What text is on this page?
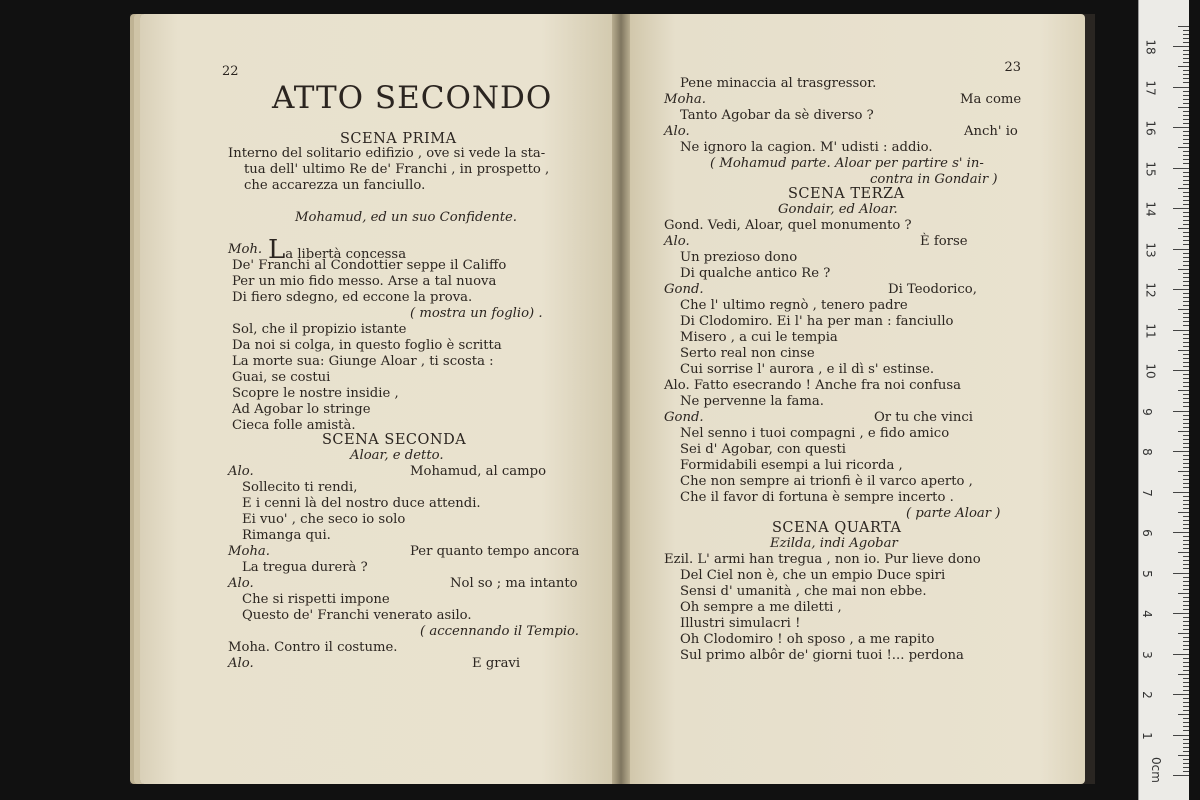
22
ATTO SECONDO
Moh.
SCENA PRIMA
Interno del solitario edifizio , ove si vede la sta-
tua dell' ultimo Re de' Franchi , in prospetto ,
che accarezza un fanciullo.
Mohamud, ed un suo Confidente.
La libertà concessa
De' Franchi al Condottier seppe il Califfo
Per un mio fido messo. Arse a tal nuova
Di fiero sdegno, ed eccone la prova.
( mostra un foglio) .
Sol, che il propizio istante
Da noi si colga, in questo foglio è scritta
La morte sua: Giunge Aloar , ti scosta :
Guai, se costui
Scopre le nostre insidie ,
Ad Agobar lo stringe
Cieca folle amistà.
SCENA SECONDA
Aloar, e detto.
Alo.	Mohamud, al campo
Sollecito ti rendi,
E i cenni là del nostro duce attendi.
Ei vuo' , che seco io solo
Rimanga qui.
Moha.	Per quanto tempo ancora
La tregua durerà ?
Alo.	Nol so ; ma intanto
Che si rispetti impone
Questo de' Franchi venerato asilo.
( accennando il Tempio.
Moha. Contro il costume.
Alo.	E gravi
23
Pene minaccia al trasgressor.
Moha.	Ma come
Tanto Agobar da sè diverso ?
Alo.	Anch' io
Ne ignoro la cagion. M' udisti : addio.
( Mohamud parte. Aloar per partire s' in-
contra in Gondair )
SCENA TERZA
Gondair, ed Aloar.
Gond. Vedi, Aloar, quel monumento ?
Alo.	È forse
Un prezioso dono
Di qualche antico Re ?
Gond.	Di Teodorico,
Che l' ultimo regnò , tenero padre
Di Clodomiro. Ei l' ha per man : fanciullo
Misero , a cui le tempia
Serto real non cinse
Cui sorrise l' aurora , e il dì s' estinse.
Alo. Fatto esecrando ! Anche fra noi confusa
Ne pervenne la fama.
Gond.	Or tu che vinci
Nel senno i tuoi compagni , e fido amico
Sei d' Agobar, con questi
Formidabili esempi a lui ricorda ,
Che non sempre ai trionfi è il varco aperto ,
Che il favor di fortuna è sempre incerto .
( parte Aloar )
SCENA QUARTA
Ezilda, indi Agobar
Ezil. L' armi han tregua , non io. Pur lieve dono
Del Ciel non è, che un empio Duce spiri
Sensi d' umanità , che mai non ebbe.
Oh sempre a me diletti ,
Illustri simulacri !
Oh Clodomiro ! oh sposo , a me rapito
Sul primo albôr de' giorni tuoi !... perdona
0cm
1
2
3
4
5
6
7
8
9
10
11
12
13
14
15
16
17
18
